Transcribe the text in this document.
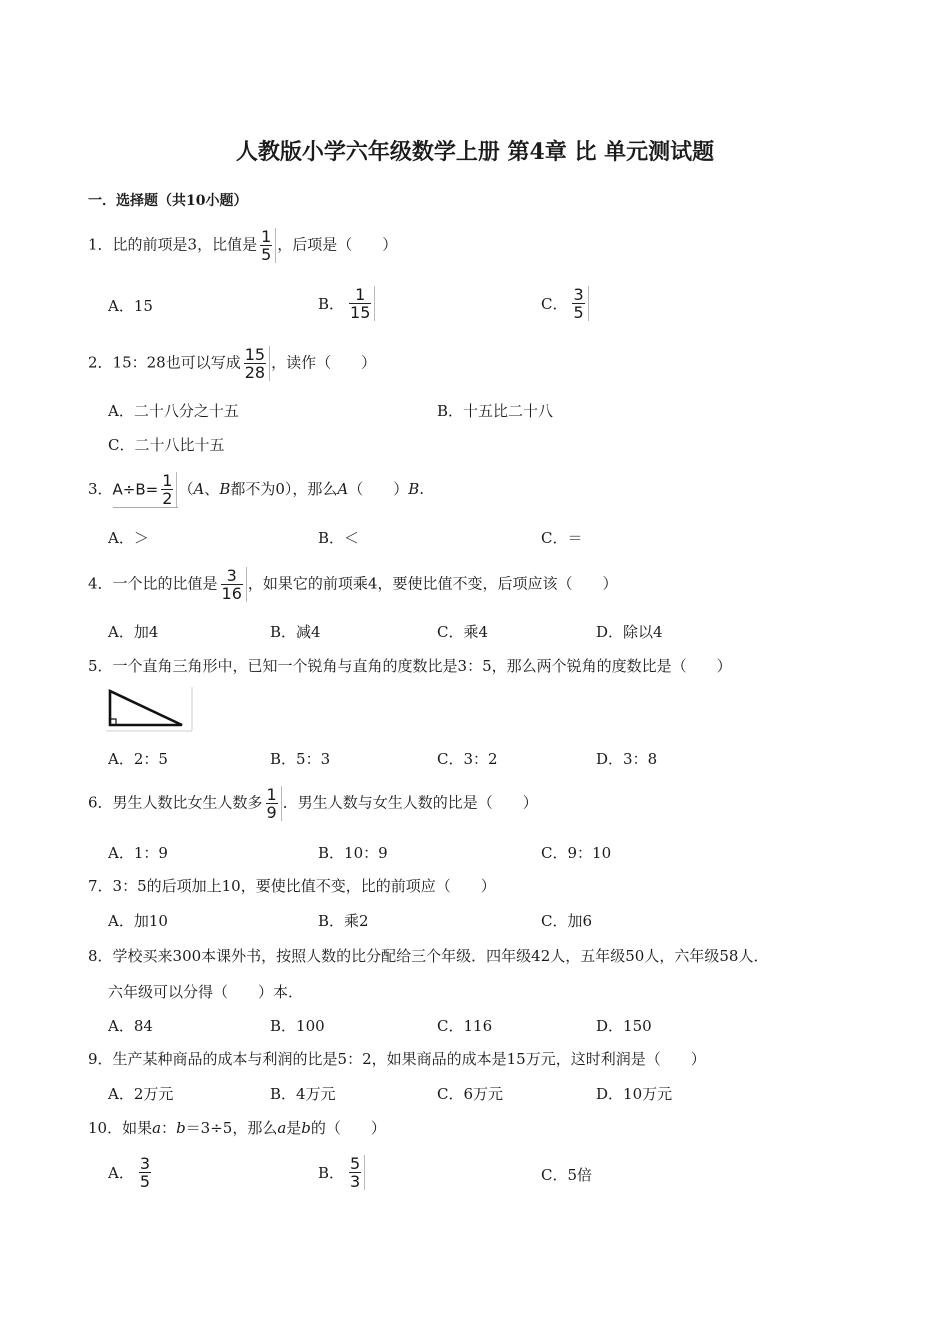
人教版小学六年级数学上册 第4章 比 单元测试题
一．选择题（共10小题）
1．比的前项是3，比值是 $\frac{1}{5}$ ，后项是（　　）
A．15	B． $\frac{1}{15}$	C． $\frac{3}{5}$
2．15：28也可以写成 $\frac{15}{28}$ ，读作（　　）
A．二十八分之十五	B．十五比二十八
C．二十八比十五
3．$A\div B= \frac{1}{2} (A$、B都不为0），那么A（　　）B.
A．＞	B．＜	C．＝
4．一个比的比值是 $\frac{3}{16}$ ，如果它的前项乘4，要使比值不变，后项应该（　　）
A．加4	B．减4	C．乘4	D．除以4
5．一个直角三角形中，已知一个锐角与直角的度数比是3：5，那么两个锐角的度数比是（　　）
A．2：5	B．5：3	C．3：2	D．3：8
6．男生人数比女生人数多 $\frac{1}{9}$ ．男生人数与女生人数的比是（　　）
A．1：9	B．10：9	C．9：10
7．3：5的后项加上10，要使比值不变，比的前项应（　　）
A．加10	B．乘2	C．加6
8．学校买来300本课外书，按照人数的比分配给三个年级．四年级42人，五年级50人，六年级58人．
六年级可以分得（　　）本．
A．84	B．100	C．116	D．150
9．生产某种商品的成本与利润的比是5：2，如果商品的成本是15万元，这时利润是（　　）
A．2万元	B．4万元	C．6万元	D．10万元
10．如果a：b＝3÷5，那么a是b的（　　）
A． $\frac{3}{5}$	B． $\frac{5}{3}$	C．5倍
